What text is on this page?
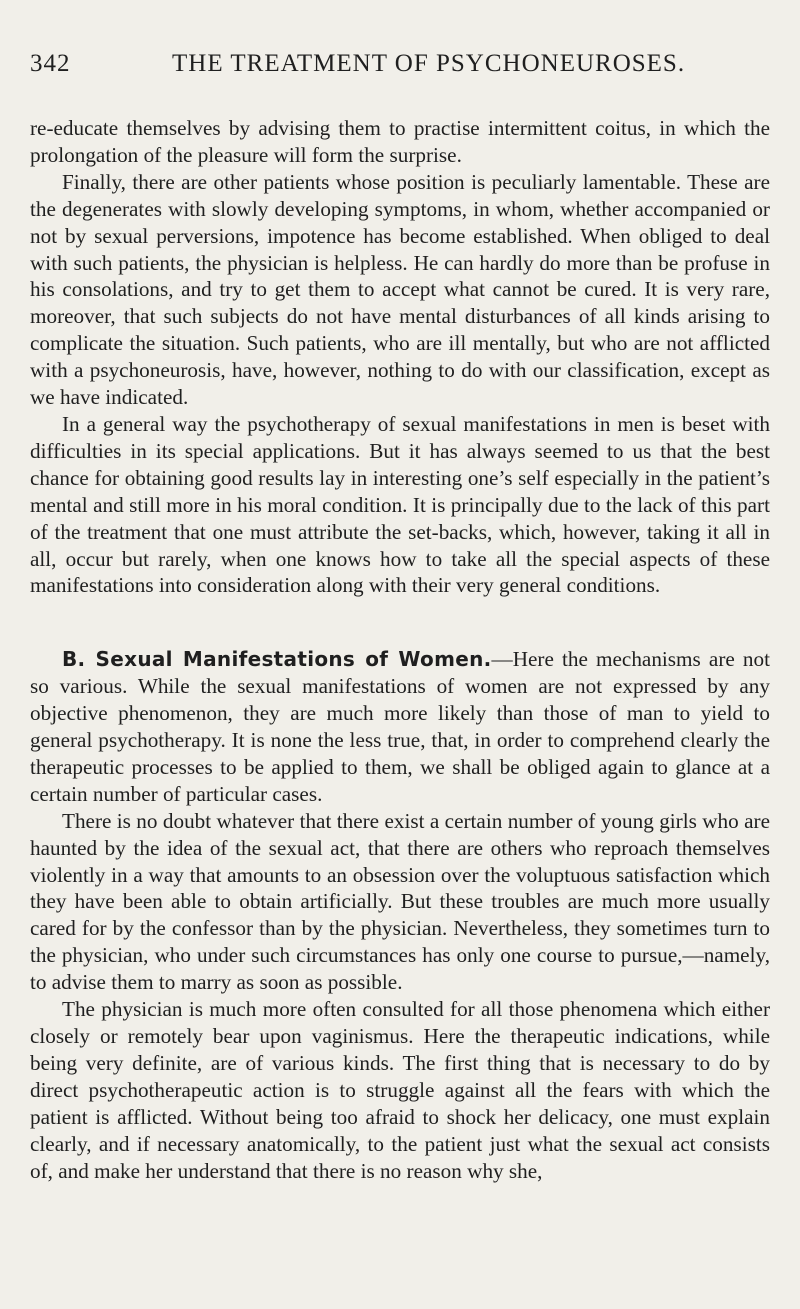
342	THE TREATMENT OF PSYCHONEUROSES.

re-educate themselves by advising them to practise intermittent coitus, in which the prolongation of the pleasure will form the surprise.

Finally, there are other patients whose position is peculiarly lamentable. These are the degenerates with slowly developing symptoms, in whom, whether accompanied or not by sexual perversions, impotence has become established. When obliged to deal with such patients, the physician is helpless. He can hardly do more than be profuse in his consolations, and try to get them to accept what cannot be cured. It is very rare, moreover, that such subjects do not have mental disturbances of all kinds arising to complicate the situation. Such patients, who are ill mentally, but who are not afflicted with a psychoneurosis, have, however, nothing to do with our classification, except as we have indicated.

In a general way the psychotherapy of sexual manifestations in men is beset with difficulties in its special applications. But it has always seemed to us that the best chance for obtaining good results lay in interesting one’s self especially in the patient’s mental and still more in his moral condition. It is principally due to the lack of this part of the treatment that one must attribute the set-backs, which, however, taking it all in all, occur but rarely, when one knows how to take all the special aspects of these manifestations into consideration along with their very general conditions.

B. Sexual Manifestations of Women.—Here the mechanisms are not so various. While the sexual manifestations of women are not expressed by any objective phenomenon, they are much more likely than those of man to yield to general psychotherapy. It is none the less true, that, in order to comprehend clearly the therapeutic processes to be applied to them, we shall be obliged again to glance at a certain number of particular cases.

There is no doubt whatever that there exist a certain number of young girls who are haunted by the idea of the sexual act, that there are others who reproach themselves violently in a way that amounts to an obsession over the voluptuous satisfaction which they have been able to obtain artificially. But these troubles are much more usually cared for by the confessor than by the physician. Nevertheless, they sometimes turn to the physician, who under such circumstances has only one course to pursue,—namely, to advise them to marry as soon as possible.

The physician is much more often consulted for all those phenomena which either closely or remotely bear upon vaginismus. Here the therapeutic indications, while being very definite, are of various kinds. The first thing that is necessary to do by direct psychotherapeutic action is to struggle against all the fears with which the patient is afflicted. Without being too afraid to shock her delicacy, one must explain clearly, and if necessary anatomically, to the patient just what the sexual act consists of, and make her understand that there is no reason why she,
